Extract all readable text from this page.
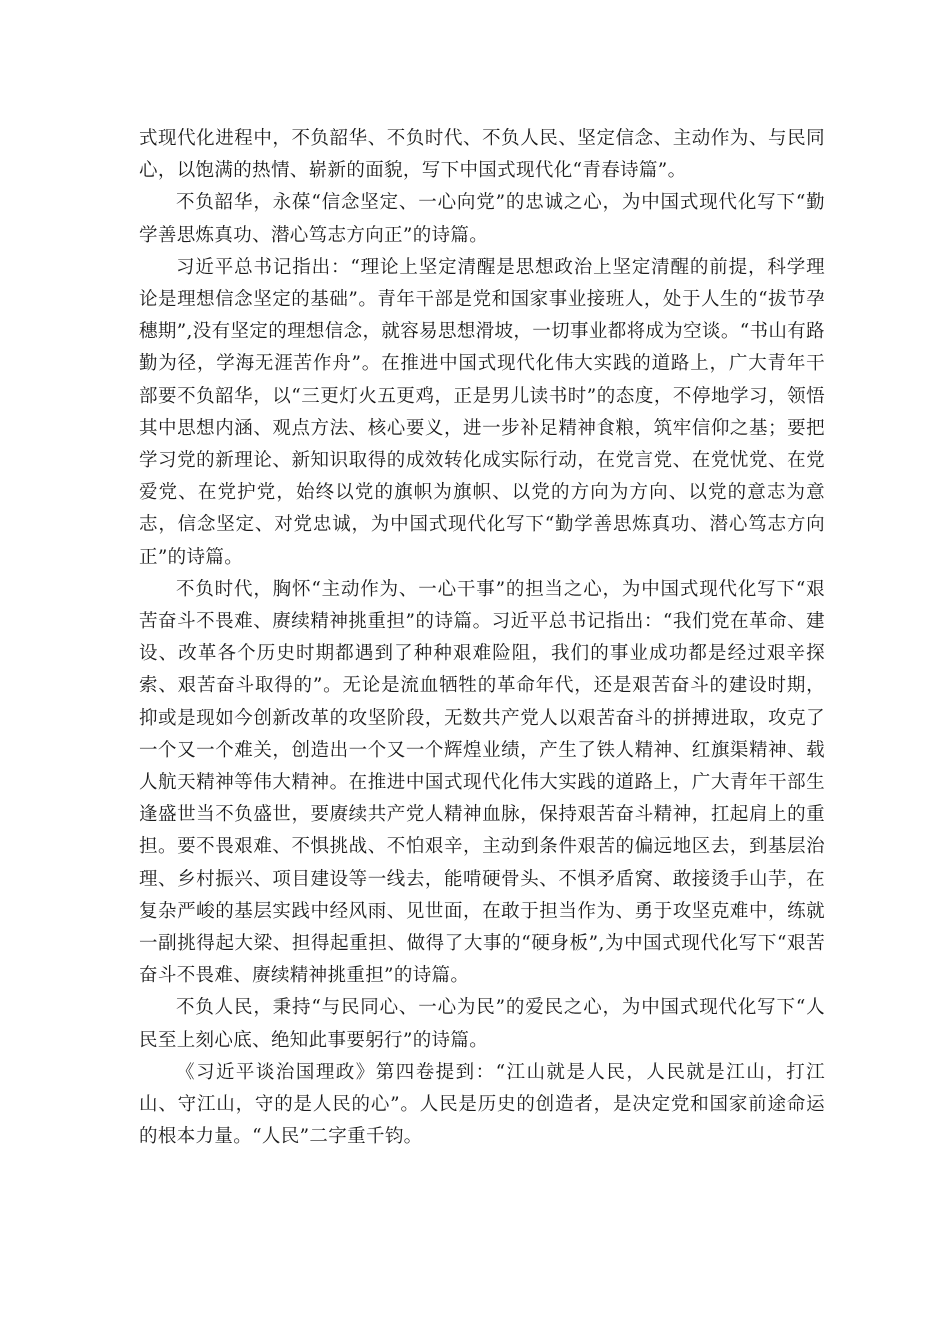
式现代化进程中，不负韶华、不负时代、不负人民、坚定信念、主动作为、与民同心，以饱满的热情、崭新的面貌，写下中国式现代化“青春诗篇”。

不负韶华，永葆“信念坚定、一心向党”的忠诚之心，为中国式现代化写下“勤学善思炼真功、潜心笃志方向正”的诗篇。

习近平总书记指出：“理论上坚定清醒是思想政治上坚定清醒的前提，科学理论是理想信念坚定的基础”。青年干部是党和国家事业接班人，处于人生的“拔节孕穗期”,没有坚定的理想信念，就容易思想滑坡，一切事业都将成为空谈。“书山有路勤为径，学海无涯苦作舟”。在推进中国式现代化伟大实践的道路上，广大青年干部要不负韶华，以“三更灯火五更鸡，正是男儿读书时”的态度，不停地学习，领悟其中思想内涵、观点方法、核心要义，进一步补足精神食粮，筑牢信仰之基；要把学习党的新理论、新知识取得的成效转化成实际行动，在党言党、在党忧党、在党爱党、在党护党，始终以党的旗帜为旗帜、以党的方向为方向、以党的意志为意志，信念坚定、对党忠诚，为中国式现代化写下“勤学善思炼真功、潜心笃志方向正”的诗篇。

不负时代，胸怀“主动作为、一心干事”的担当之心，为中国式现代化写下“艰苦奋斗不畏难、赓续精神挑重担”的诗篇。习近平总书记指出：“我们党在革命、建设、改革各个历史时期都遇到了种种艰难险阻，我们的事业成功都是经过艰辛探索、艰苦奋斗取得的”。无论是流血牺牲的革命年代，还是艰苦奋斗的建设时期，抑或是现如今创新改革的攻坚阶段，无数共产党人以艰苦奋斗的拼搏进取，攻克了一个又一个难关，创造出一个又一个辉煌业绩，产生了铁人精神、红旗渠精神、载人航天精神等伟大精神。在推进中国式现代化伟大实践的道路上，广大青年干部生逢盛世当不负盛世，要赓续共产党人精神血脉，保持艰苦奋斗精神，扛起肩上的重担。要不畏艰难、不惧挑战、不怕艰辛，主动到条件艰苦的偏远地区去，到基层治理、乡村振兴、项目建设等一线去，能啃硬骨头、不惧矛盾窝、敢接烫手山芋，在复杂严峻的基层实践中经风雨、见世面，在敢于担当作为、勇于攻坚克难中，练就一副挑得起大梁、担得起重担、做得了大事的“硬身板”,为中国式现代化写下“艰苦奋斗不畏难、赓续精神挑重担”的诗篇。

不负人民，秉持“与民同心、一心为民”的爱民之心，为中国式现代化写下“人民至上刻心底、绝知此事要躬行”的诗篇。

《习近平谈治国理政》第四卷提到：“江山就是人民，人民就是江山，打江山、守江山，守的是人民的心”。人民是历史的创造者，是决定党和国家前途命运的根本力量。“人民”二字重千钧。
